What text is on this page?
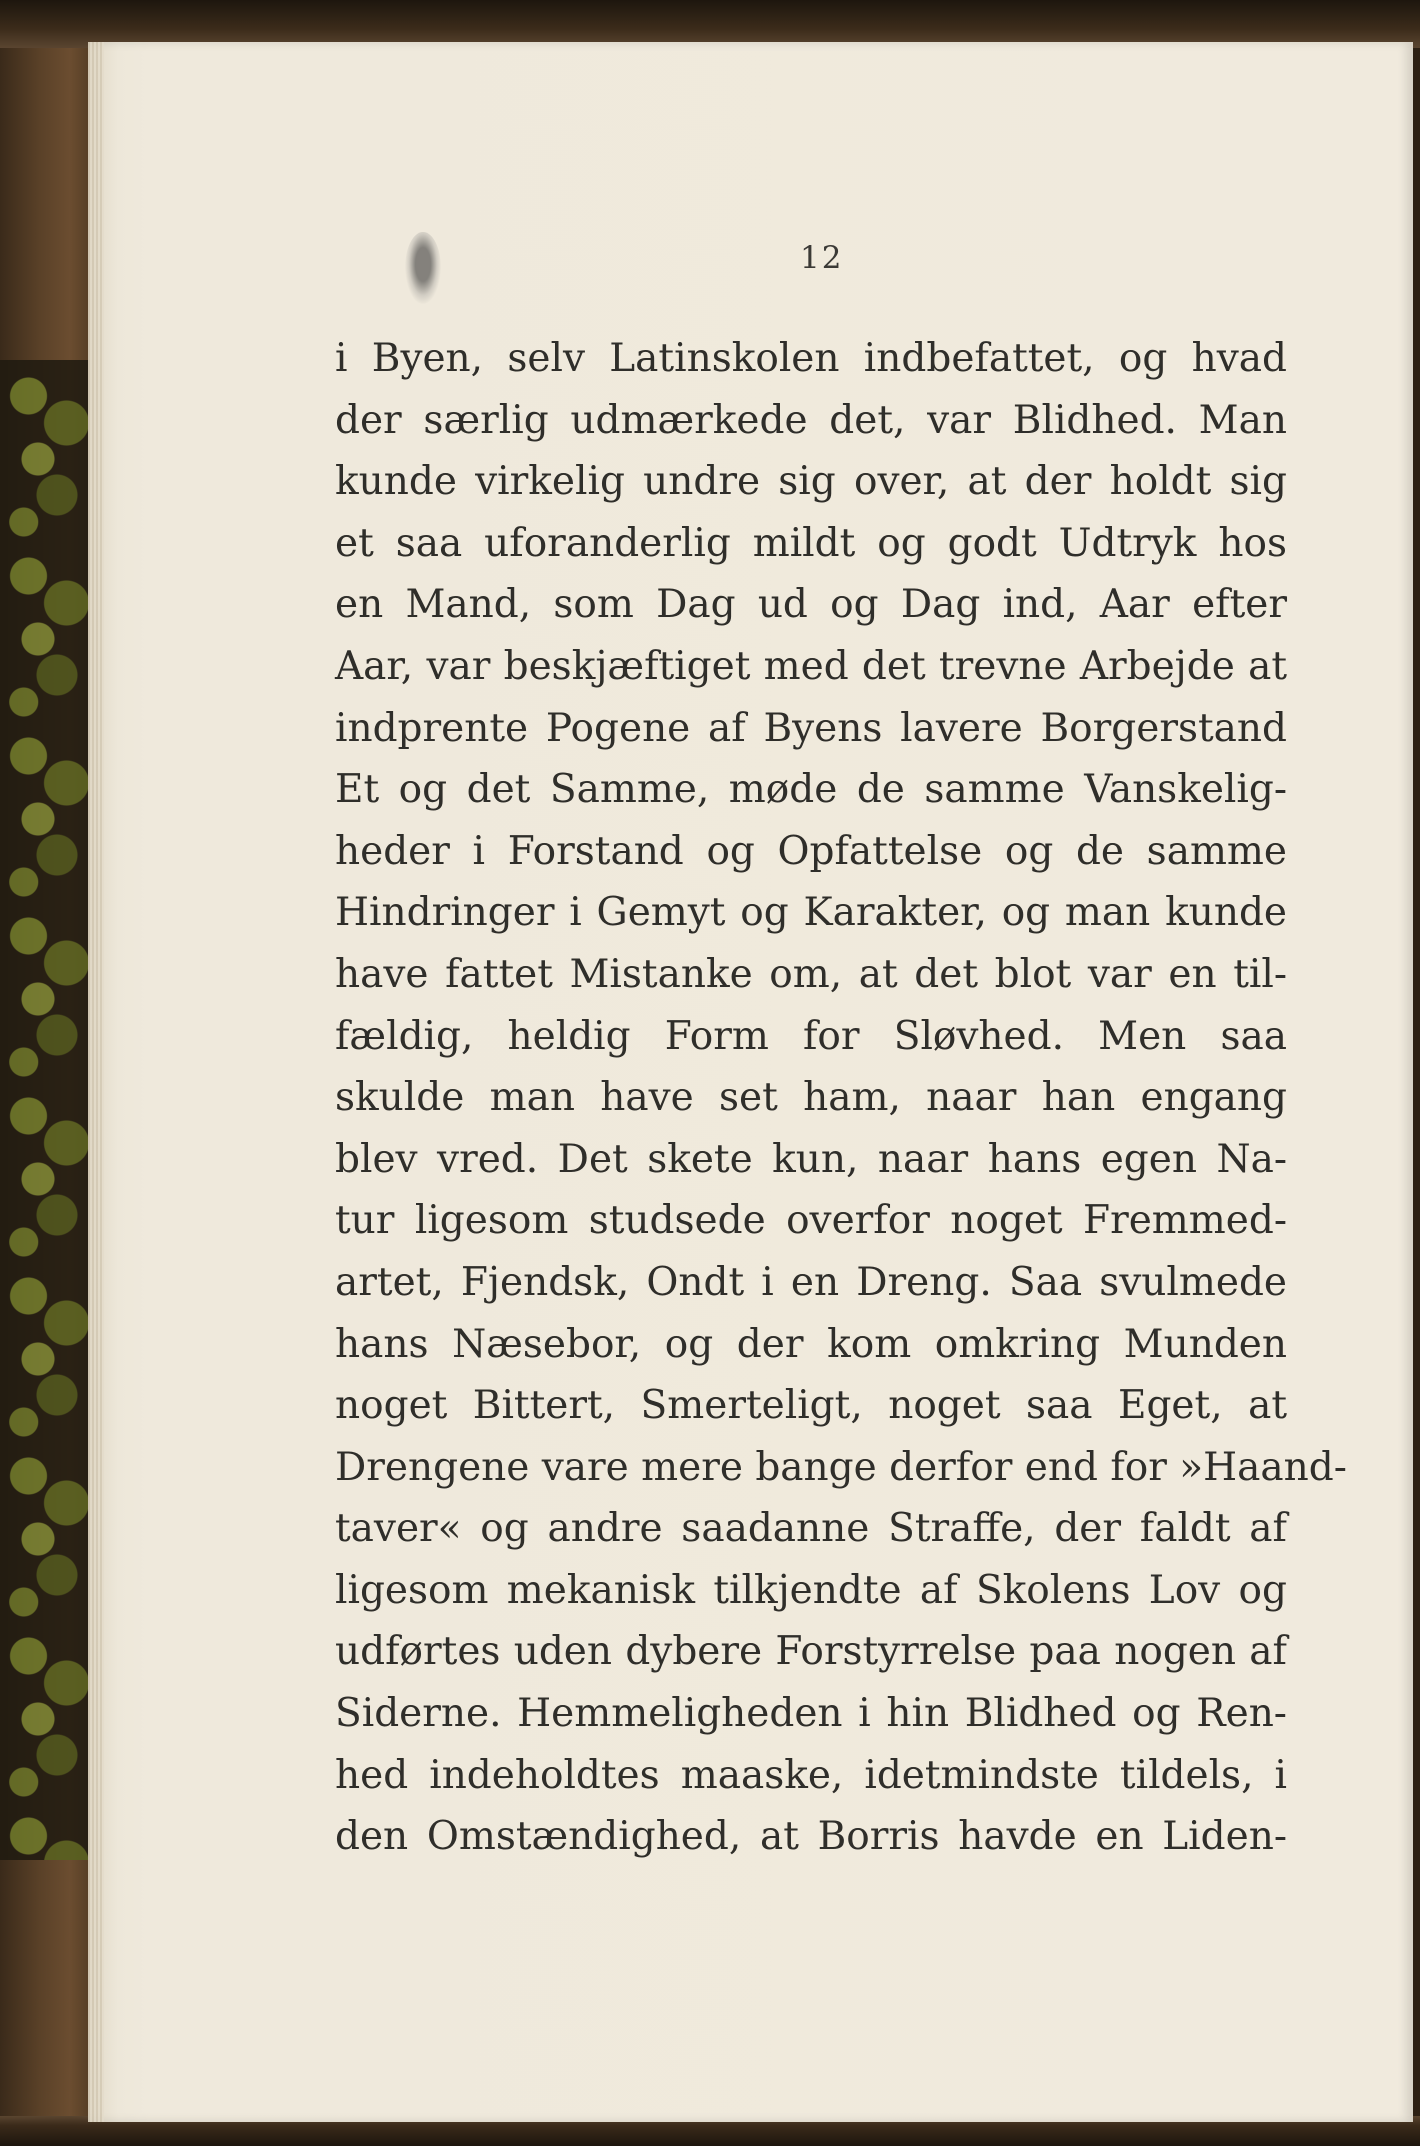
12
i Byen, selv Latinskolen indbefattet, og hvad
der særlig udmærkede det, var Blidhed. Man
kunde virkelig undre sig over, at der holdt sig
et saa uforanderlig mildt og godt Udtryk hos
en Mand, som Dag ud og Dag ind, Aar efter
Aar, var beskjæftiget med det trevne Arbejde at
indprente Pogene af Byens lavere Borgerstand
Et og det Samme, møde de samme Vanskelig-
heder i Forstand og Opfattelse og de samme
Hindringer i Gemyt og Karakter, og man kunde
have fattet Mistanke om, at det blot var en til-
fældig, heldig Form for Sløvhed. Men saa
skulde man have set ham, naar han engang
blev vred. Det skete kun, naar hans egen Na-
tur ligesom studsede overfor noget Fremmed-
artet, Fjendsk, Ondt i en Dreng. Saa svulmede
hans Næsebor, og der kom omkring Munden
noget Bittert, Smerteligt, noget saa Eget, at
Drengene vare mere bange derfor end for »Haand-
taver« og andre saadanne Straffe, der faldt af
ligesom mekanisk tilkjendte af Skolens Lov og
udførtes uden dybere Forstyrrelse paa nogen af
Siderne. Hemmeligheden i hin Blidhed og Ren-
hed indeholdtes maaske, idetmindste tildels, i
den Omstændighed, at Borris havde en Liden-
